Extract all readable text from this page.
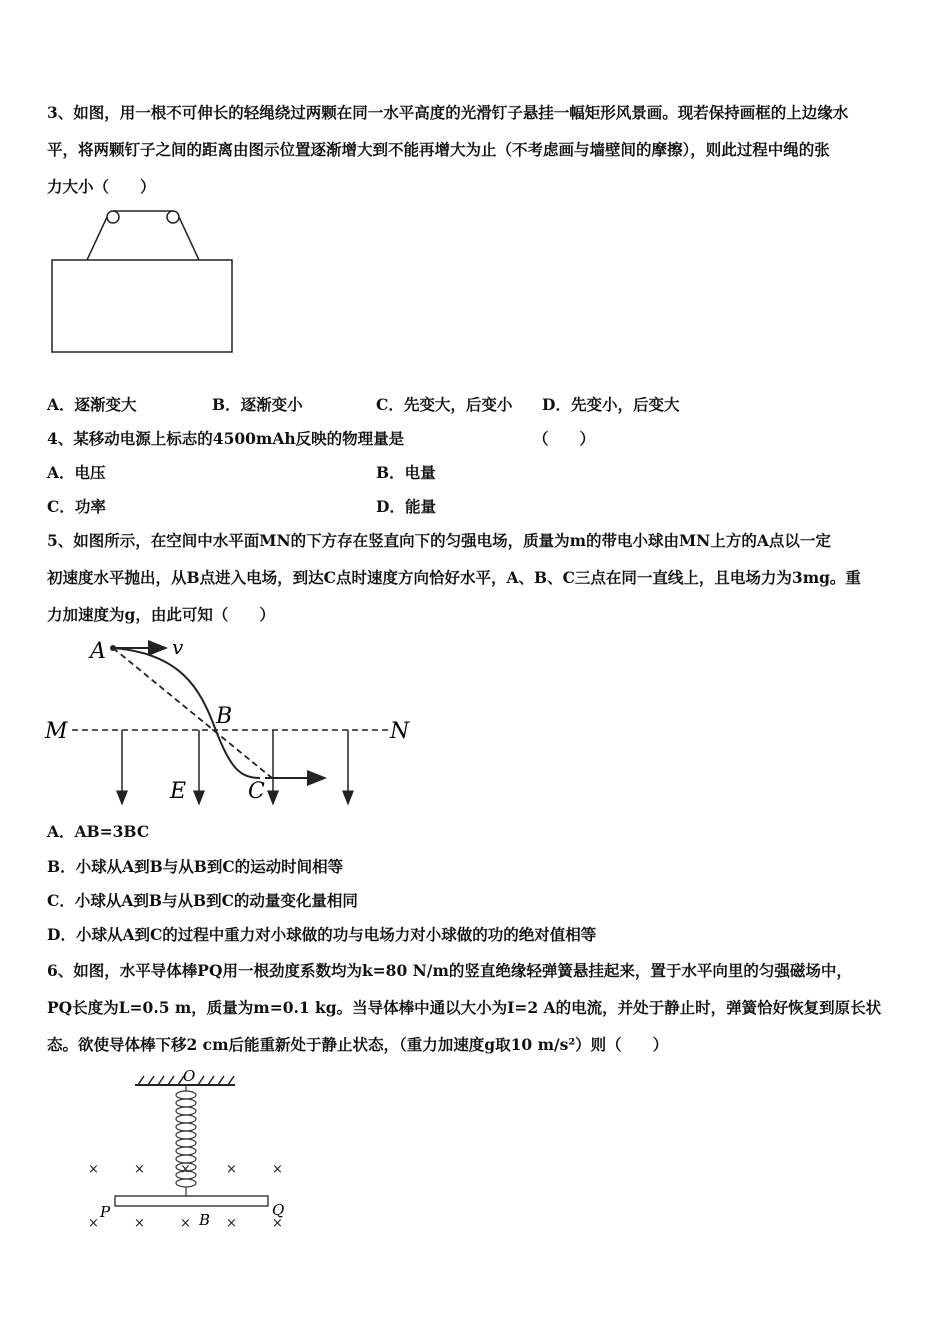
3、如图，用一根不可伸长的轻绳绕过两颗在同一水平高度的光滑钉子悬挂一幅矩形风景画。现若保持画框的上边缘水
平，将两颗钉子之间的距离由图示位置逐渐增大到不能再增大为止（不考虑画与墙壁间的摩擦），则此过程中绳的张
力大小（　　）
A．逐渐变大	B．逐渐变小	C．先变大，后变小 D．先变小，后变大
4、某移动电源上标志的4500mAh反映的物理量是	（　　）
A．电压	B．电量
C．功率	D．能量
5、如图所示，在空间中水平面MN的下方存在竖直向下的匀强电场，质量为m的带电小球由MN上方的A点以一定
初速度水平抛出，从B点进入电场，到达C点时速度方向恰好水平，A、B、C三点在同一直线上，且电场力为3mg。重
力加速度为g，由此可知（　　）
A	v
B
M	N
E	C
A．AB=3BC
B．小球从A到B与从B到C的运动时间相等
C．小球从A到B与从B到C的动量变化量相同
D．小球从A到C的过程中重力对小球做的功与电场力对小球做的功的绝对值相等
6、如图，水平导体棒PQ用一根劲度系数均为k=80 N/m的竖直绝缘轻弹簧悬挂起来，置于水平向里的匀强磁场中，
PQ长度为L=0.5 m，质量为m=0.1 kg。当导体棒中通以大小为I=2 A的电流，并处于静止时，弹簧恰好恢复到原长状
态。欲使导体棒下移2 cm后能重新处于静止状态，（重力加速度g取10 m/s²）则（　　）
O
×	×	×	×	×
×	×	×	×	×
P	Q
B
